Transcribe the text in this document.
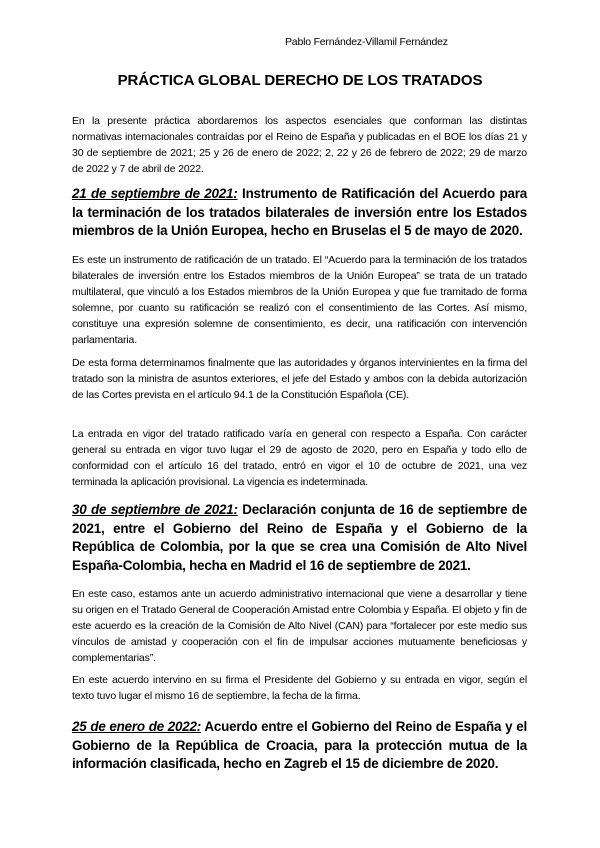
Pablo Fernández-Villamil Fernández
PRÁCTICA GLOBAL DERECHO DE LOS TRATADOS

En la presente práctica abordaremos los aspectos esenciales que conforman las distintas normativas internacionales contraídas por el Reino de España y publicadas en el BOE los días 21 y 30 de septiembre de 2021; 25 y 26 de enero de 2022; 2, 22 y 26 de febrero de 2022; 29 de marzo de 2022 y 7 de abril de 2022.

21 de septiembre de 2021: Instrumento de Ratificación del Acuerdo para la terminación de los tratados bilaterales de inversión entre los Estados miembros de la Unión Europea, hecho en Bruselas el 5 de mayo de 2020.

Es este un instrumento de ratificación de un tratado. El “Acuerdo para la terminación de los tratados bilaterales de inversión entre los Estados miembros de la Unión Europea” se trata de un tratado multilateral, que vinculó a los Estados miembros de la Unión Europea y que fue tramitado de forma solemne, por cuanto su ratificación se realizó con el consentimiento de las Cortes. Así mismo, constituye una expresión solemne de consentimiento, es decir, una ratificación con intervención parlamentaria.

De esta forma determinamos finalmente que las autoridades y órganos intervinientes en la firma del tratado son la ministra de asuntos exteriores, el jefe del Estado y ambos con la debida autorización de las Cortes prevista en el artículo 94.1 de la Constitución Española (CE).

La entrada en vigor del tratado ratificado varía en general con respecto a España. Con carácter general su entrada en vigor tuvo lugar el 29 de agosto de 2020, pero en España y todo ello de conformidad con el artículo 16 del tratado, entró en vigor el 10 de octubre de 2021, una vez terminada la aplicación provisional. La vigencia es indeterminada.

30 de septiembre de 2021: Declaración conjunta de 16 de septiembre de 2021, entre el Gobierno del Reino de España y el Gobierno de la República de Colombia, por la que se crea una Comisión de Alto Nivel España-Colombia, hecha en Madrid el 16 de septiembre de 2021.

En este caso, estamos ante un acuerdo administrativo internacional que viene a desarrollar y tiene su origen en el Tratado General de Cooperación Amistad entre Colombia y España. El objeto y fin de este acuerdo es la creación de la Comisión de Alto Nivel (CAN) para “fortalecer por este medio sus vínculos de amistad y cooperación con el fin de impulsar acciones mutuamente beneficiosas y complementarias”.

En este acuerdo intervino en su firma el Presidente del Gobierno y su entrada en vigor, según el texto tuvo lugar el mismo 16 de septiembre, la fecha de la firma.

25 de enero de 2022: Acuerdo entre el Gobierno del Reino de España y el Gobierno de la República de Croacia, para la protección mutua de la información clasificada, hecho en Zagreb el 15 de diciembre de 2020.
